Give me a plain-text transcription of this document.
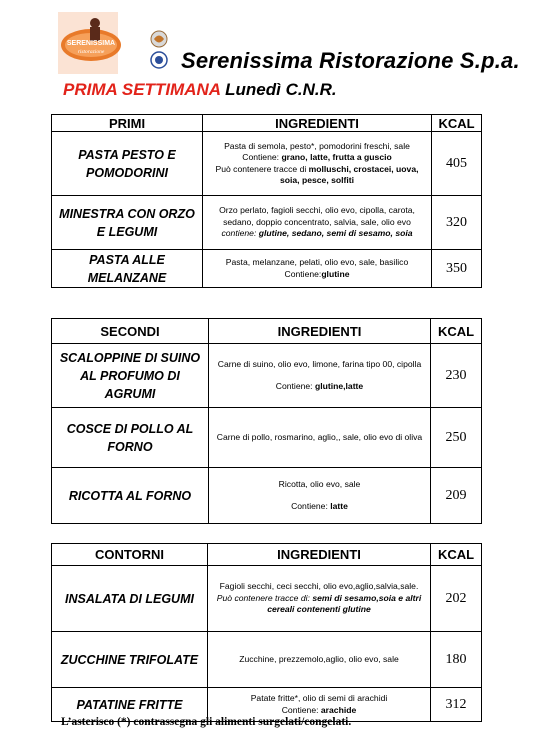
SERENISSIMA
ristorazione	Serenissima Ristorazione S.p.a.
PRIMA SETTIMANA Lunedì C.N.R.
PRIMI	INGREDIENTI	KCAL
PASTA PESTO E POMODORINI	Pasta di semola, pesto*, pomodorini freschi, sale
Contiene: grano, latte, frutta a guscio
Può contenere tracce di molluschi, crostacei, uova, soia, pesce, solfiti	405
MINESTRA CON ORZO E LEGUMI	Orzo perlato, fagioli secchi, olio evo, cipolla, carota, sedano, doppio concentrato, salvia, sale, olio evo
contiene: glutine, sedano, semi di sesamo, soia	320
PASTA ALLE MELANZANE	Pasta, melanzane, pelati, olio evo, sale, basilico
Contiene:glutine	350
SECONDI	INGREDIENTI	KCAL
SCALOPPINE DI SUINO AL PROFUMO DI AGRUMI	Carne di suino, olio evo, limone, farina tipo 00, cipolla
Contiene: glutine,latte	230
COSCE DI POLLO AL FORNO	Carne di pollo, rosmarino, aglio,, sale, olio evo di oliva	250
RICOTTA AL FORNO	Ricotta, olio evo, sale
Contiene: latte	209
CONTORNI	INGREDIENTI	KCAL
INSALATA DI LEGUMI	Fagioli secchi, ceci secchi, olio evo,aglio,salvia,sale.
Può contenere tracce di: semi di sesamo,soia e altri cereali contenenti glutine	202
ZUCCHINE TRIFOLATE	Zucchine, prezzemolo,aglio, olio evo, sale	180
PATATINE FRITTE	Patate fritte*, olio di semi di arachidi
Contiene: arachide	312
L’asterisco (*) contrassegna gli alimenti surgelati/congelati.
